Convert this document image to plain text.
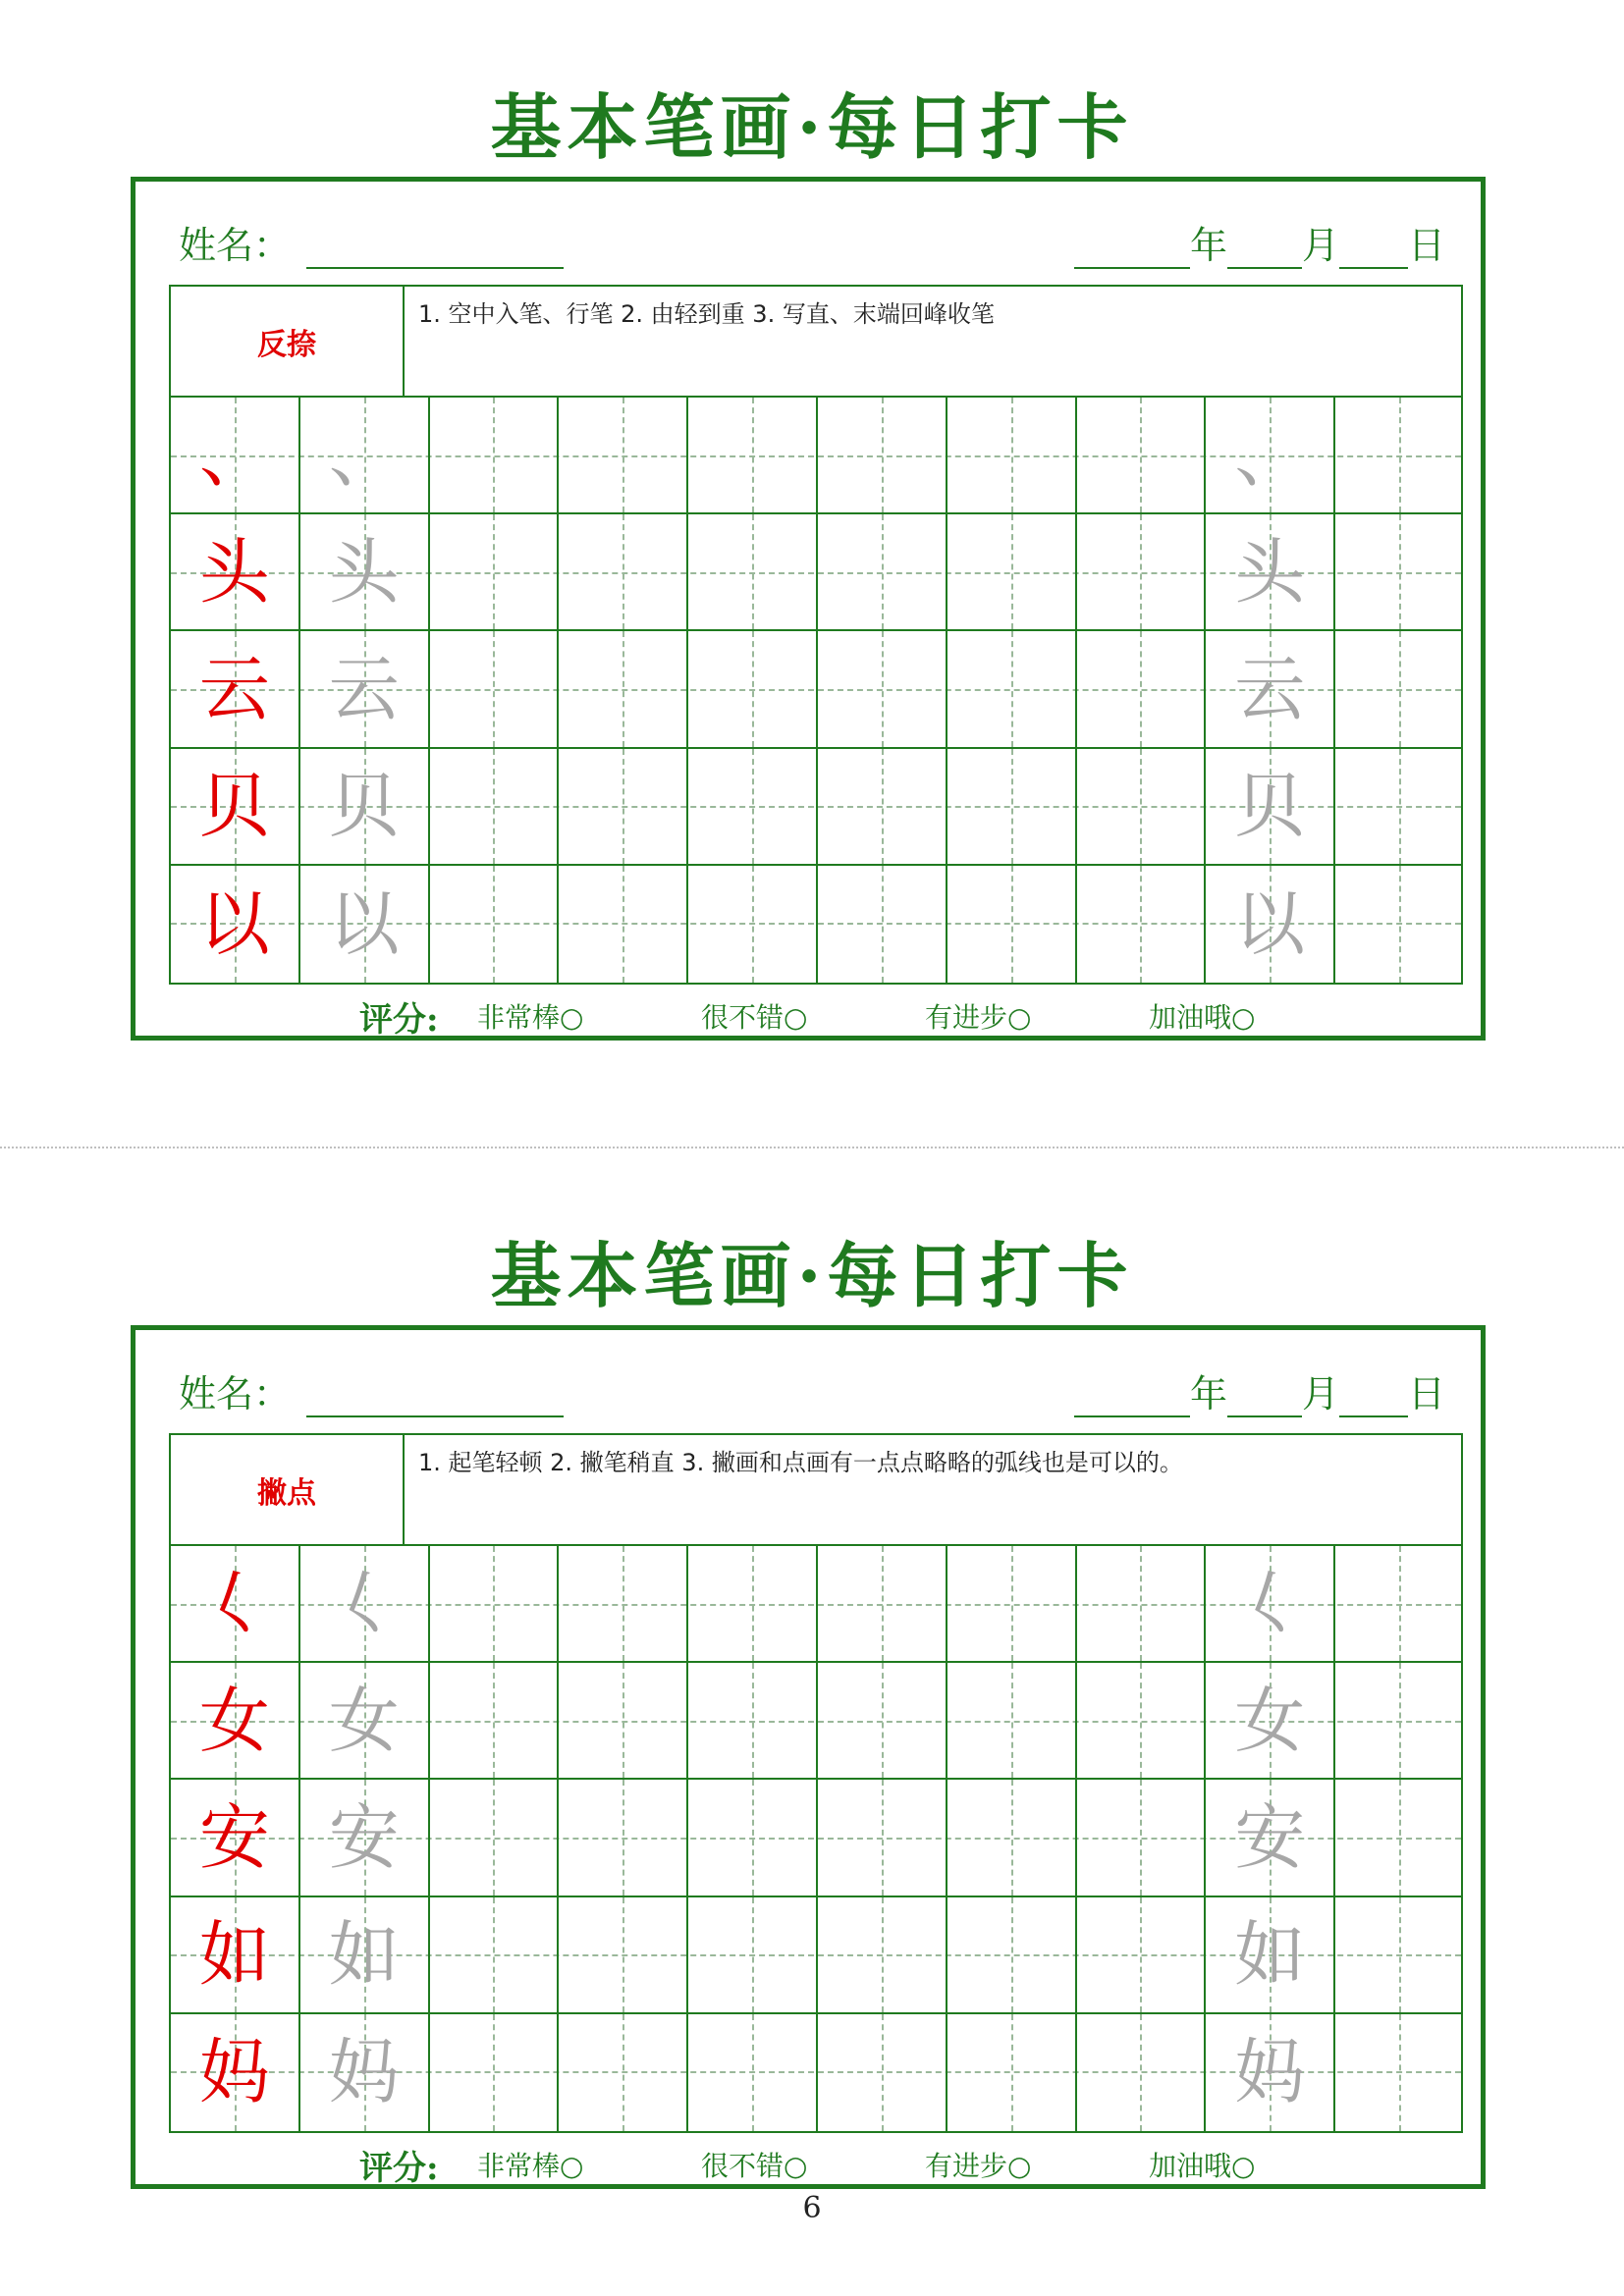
基本笔画·每日打卡
姓名：	年 月 日
反捺
1. 空中入笔、行笔 2. 由轻到重 3. 写直、末端回峰收笔
、 、	、
头 头	头
云 云	云
贝 贝	贝
以 以	以
评分: 非常棒○	很不错○	有进步○	加油哦○
基本笔画·每日打卡
姓名：	年 月 日
撇点
1. 起笔轻顿 2. 撇笔稍直 3. 撇画和点画有一点点略略的弧线也是可以的。
𡿨 𡿨	𡿨
女 女	女
安 安	安
如 如	如
妈 妈	妈
评分: 非常棒○	很不错○	有进步○	加油哦○
6
